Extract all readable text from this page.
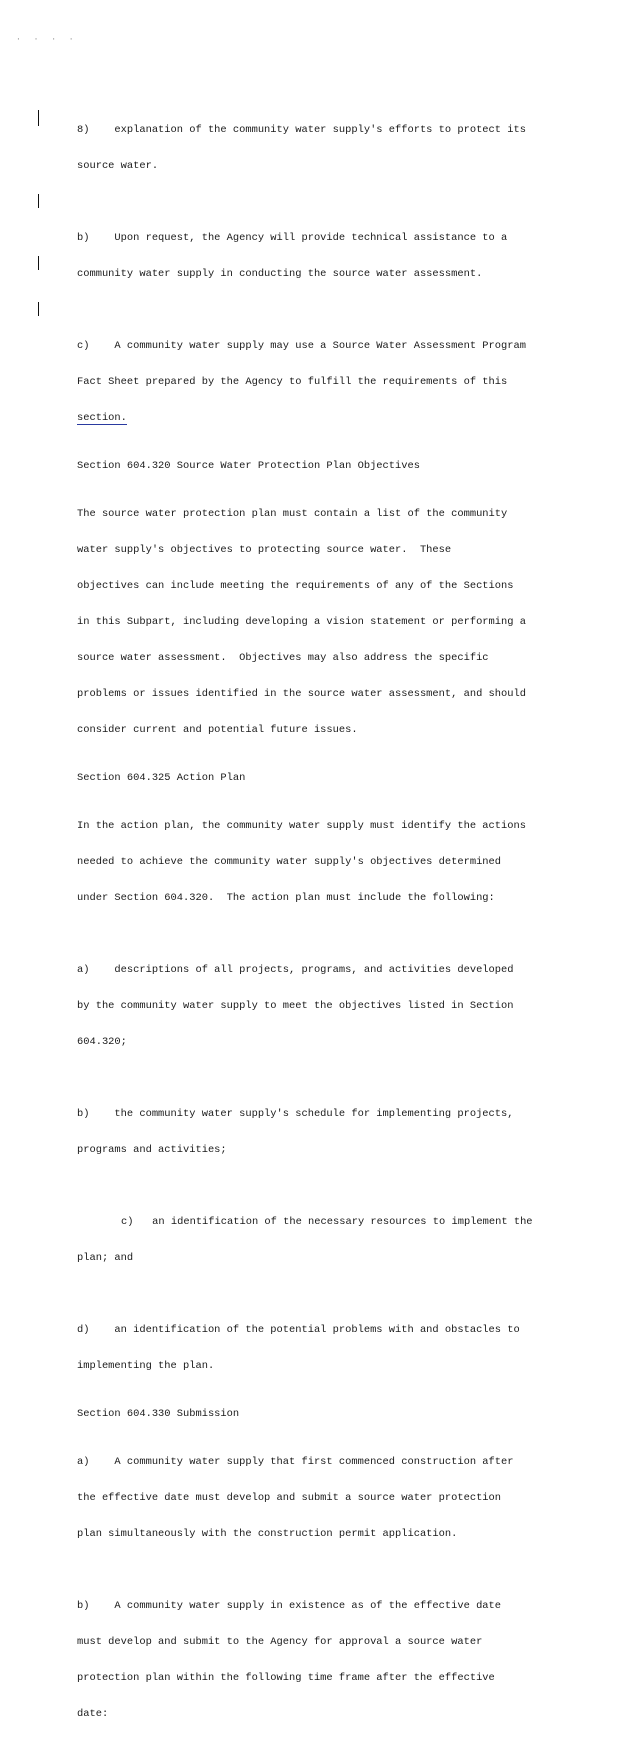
· · · ·

8)    explanation of the community water supply's efforts to protect its

source water.

b)    Upon request, the Agency will provide technical assistance to a

community water supply in conducting the source water assessment.

c)    A community water supply may use a Source Water Assessment Program

Fact Sheet prepared by the Agency to fulfill the requirements of this

section.

Section 604.320 Source Water Protection Plan Objectives

The source water protection plan must contain a list of the community

water supply's objectives to protecting source water.  These

objectives can include meeting the requirements of any of the Sections

in this Subpart, including developing a vision statement or performing a

source water assessment.  Objectives may also address the specific

problems or issues identified in the source water assessment, and should

consider current and potential future issues.

Section 604.325 Action Plan

In the action plan, the community water supply must identify the actions

needed to achieve the community water supply's objectives determined

under Section 604.320.  The action plan must include the following:

a)    descriptions of all projects, programs, and activities developed

by the community water supply to meet the objectives listed in Section

604.320;

b)    the community water supply's schedule for implementing projects,

programs and activities;

c)   an identification of the necessary resources to implement the

plan; and

d)    an identification of the potential problems with and obstacles to

implementing the plan.

Section 604.330 Submission

a)    A community water supply that first commenced construction after

the effective date must develop and submit a source water protection

plan simultaneously with the construction permit application.

b)    A community water supply in existence as of the effective date

must develop and submit to the Agency for approval a source water

protection plan within the following time frame after the effective

date:
